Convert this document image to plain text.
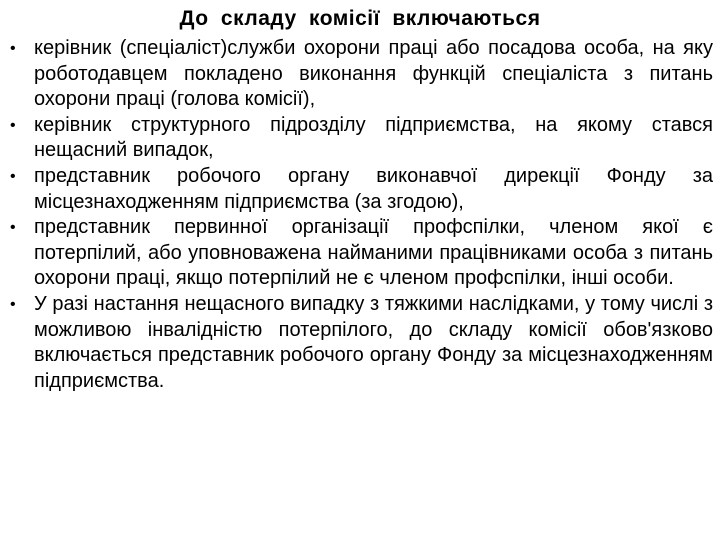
До складу комісії включаються
• керівник (спеціаліст)служби охорони праці або посадова особа, на яку роботодавцем покладено виконання функцій спеціаліста з питань охорони праці (голова комісії),
• керівник структурного підрозділу підприємства, на якому стався нещасний випадок,
• представник робочого органу виконавчої дирекції Фонду за місцезнаходженням підприємства (за згодою),
• представник первинної організації профспілки, членом якої є потерпілий, або уповноважена найманими працівниками особа з питань охорони праці, якщо потерпілий не є членом профспілки, інші особи.
• У разі настання нещасного випадку з тяжкими наслідками, у тому числі з можливою інвалідністю потерпілого, до складу комісії обов'язково включається представник робочого органу Фонду за місцезнаходженням підприємства.
